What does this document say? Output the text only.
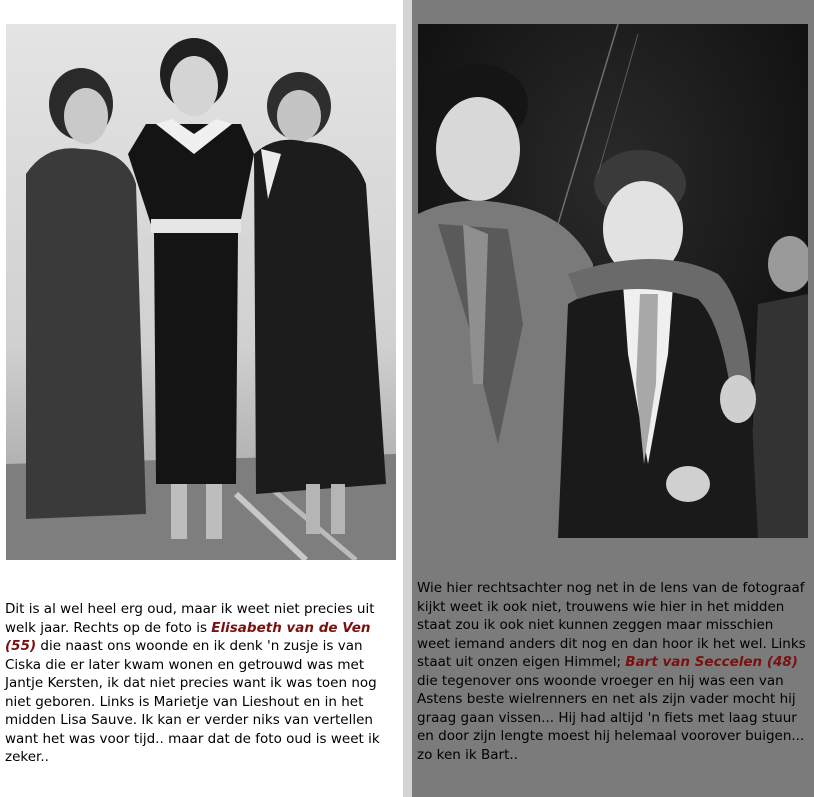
Dit is al wel heel erg oud, maar ik weet niet precies uit welk jaar. Rechts op de foto is Elisabeth van de Ven (55) die naast ons woonde en ik denk 'n zusje is van Ciska die er later kwam wonen en getrouwd was met Jantje Kersten, ik dat niet precies want ik was toen nog niet geboren. Links is Marietje van Lieshout en in het midden Lisa Sauve. Ik kan er verder niks van vertellen want het was voor tijd.. maar dat de foto oud is weet ik zeker..
Wie hier rechtsachter nog net in de lens van de fotograaf kijkt weet ik ook niet, trouwens wie hier in het midden staat zou ik ook niet kunnen zeggen maar misschien weet iemand anders dit nog en dan hoor ik het wel. Links staat uit onzen eigen Himmel; Bart van Seccelen (48) die tegenover ons woonde vroeger en hij was een van Astens beste wielrenners en net als zijn vader mocht hij graag gaan vissen... Hij had altijd 'n fiets met laag stuur en door zijn lengte moest hij helemaal voorover buigen... zo ken ik Bart..
